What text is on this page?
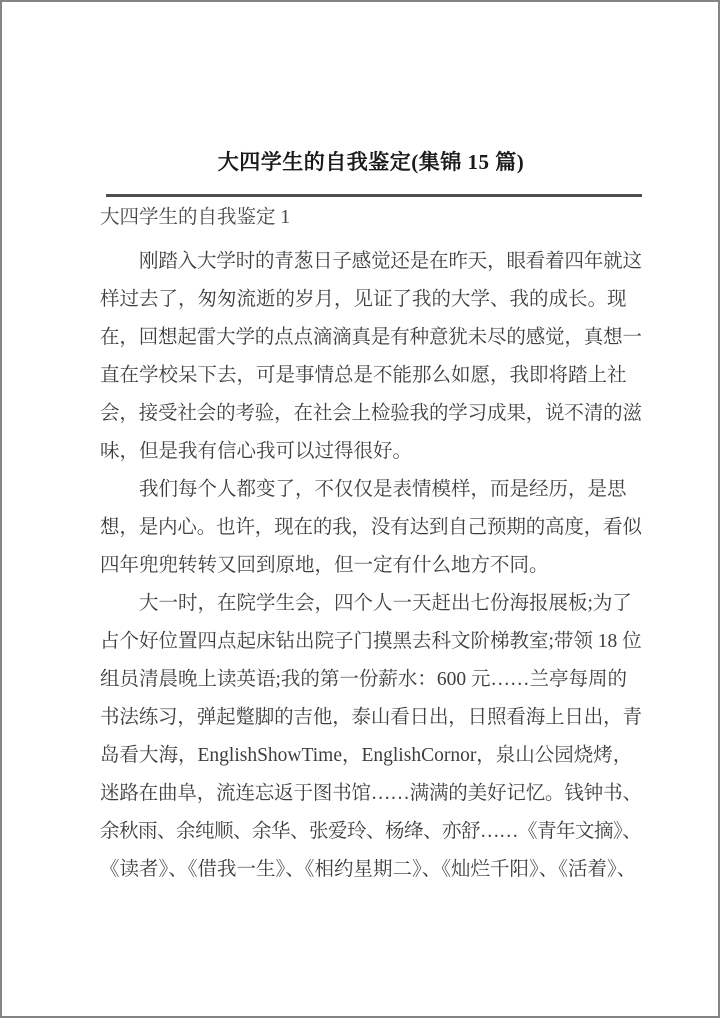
大四学生的自我鉴定(集锦 15 篇)
大四学生的自我鉴定 1
刚踏入大学时的青葱日子感觉还是在昨天，眼看着四年就这
样过去了，匆匆流逝的岁月，见证了我的大学、我的成长。现
在，回想起雷大学的点点滴滴真是有种意犹未尽的感觉，真想一
直在学校呆下去，可是事情总是不能那么如愿，我即将踏上社
会，接受社会的考验，在社会上检验我的学习成果，说不清的滋
味，但是我有信心我可以过得很好。
我们每个人都变了，不仅仅是表情模样，而是经历，是思
想，是内心。也许，现在的我，没有达到自己预期的高度，看似
四年兜兜转转又回到原地，但一定有什么地方不同。
大一时，在院学生会，四个人一天赶出七份海报展板;为了
占个好位置四点起床钻出院子门摸黑去科文阶梯教室;带领 18 位
组员清晨晚上读英语;我的第一份薪水：600 元……兰亭每周的
书法练习，弹起蹩脚的吉他，泰山看日出，日照看海上日出，青
岛看大海，EnglishShowTime，EnglishCornor，泉山公园烧烤，
迷路在曲阜，流连忘返于图书馆……满满的美好记忆。钱钟书、
余秋雨、余纯顺、余华、张爱玲、杨绛、亦舒……《青年文摘》、
《读者》、《借我一生》、《相约星期二》、《灿烂千阳》、《活着》、
